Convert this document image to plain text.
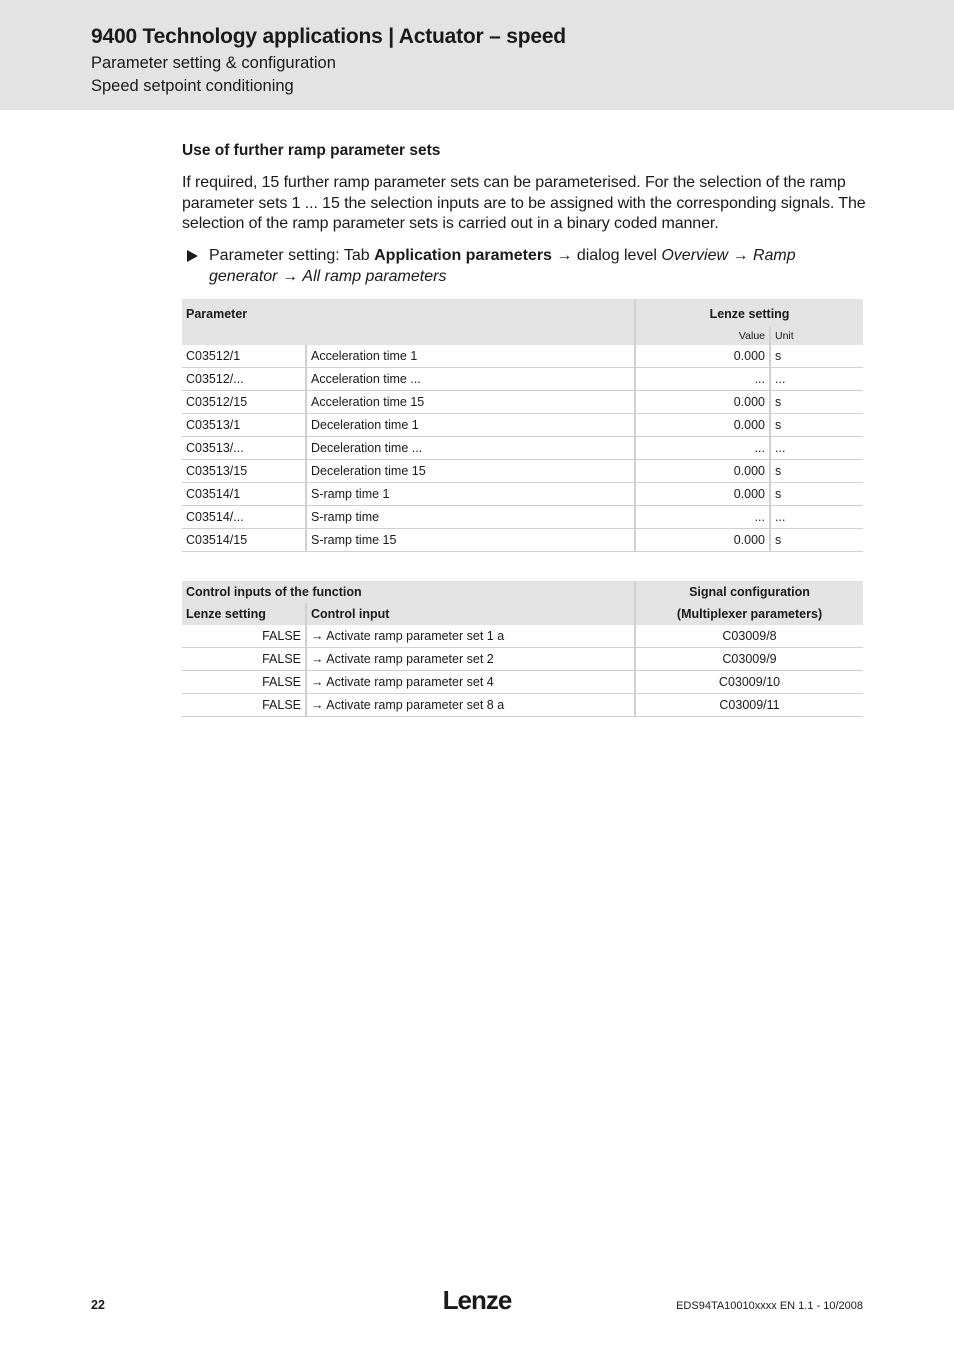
9400 Technology applications | Actuator – speed
Parameter setting & configuration
Speed setpoint conditioning
Use of further ramp parameter sets
If required, 15 further ramp parameter sets can be parameterised. For the selection of the ramp parameter sets 1 ... 15 the selection inputs are to be assigned with the corresponding signals. The selection of the ramp parameter sets is carried out in a binary coded manner.
Parameter setting: Tab Application parameters → dialog level Overview → Ramp generator → All ramp parameters
Parameter		Lenze setting	
		Value	Unit
C03512/1	Acceleration time 1	0.000	s
C03512/...	Acceleration time ...	...	...
C03512/15	Acceleration time 15	0.000	s
C03513/1	Deceleration time 1	0.000	s
C03513/...	Deceleration time ...	...	...
C03513/15	Deceleration time 15	0.000	s
C03514/1	S-ramp time 1	0.000	s
C03514/...	S-ramp time	...	...
C03514/15	S-ramp time 15	0.000	s
Control inputs of the function		Signal configuration
Lenze setting	Control input	(Multiplexer parameters)
FALSE	→ Activate ramp parameter set 1 a	C03009/8
FALSE	→ Activate ramp parameter set 2	C03009/9
FALSE	→ Activate ramp parameter set 4	C03009/10
FALSE	→ Activate ramp parameter set 8 a	C03009/11
22	Lenze	EDS94TA10010xxxx EN 1.1 - 10/2008
